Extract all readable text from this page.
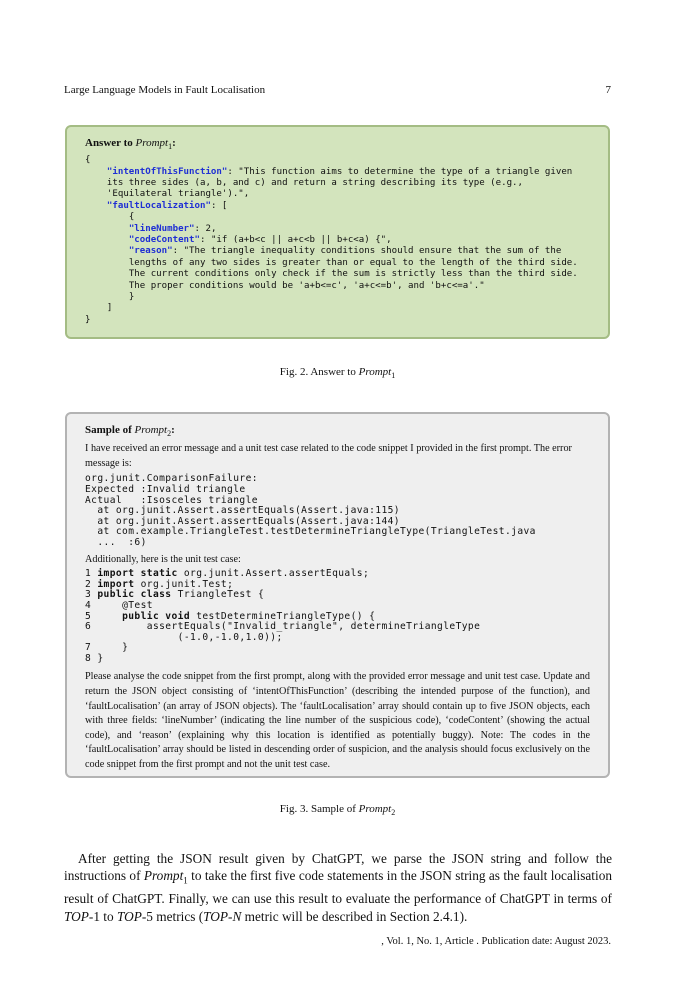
Large Language Models in Fault Localisation	7
Answer to Prompt$_1$:
{
"intentOfThisFunction": "This function aims to determine the type of a triangle given
its three sides (a, b, and c) and return a string describing its type (e.g.,
'Equilateral triangle').",
"faultLocalization": [
{
"lineNumber": 2,
"codeContent": "if (a+b<c || a+c<b || b+c<a) {",
"reason": "The triangle inequality conditions should ensure that the sum of the
lengths of any two sides is greater than or equal to the length of the third side.
The current conditions only check if the sum is strictly less than the third side.
The proper conditions would be 'a+b<=c', 'a+c<=b', and 'b+c<=a'."
}
]
}
Fig. 2. Answer to Prompt$_1$
Sample of Prompt$_2$:

I have received an error message and a unit test case related to the code snippet I provided in the first prompt. The error message is:

org.junit.ComparisonFailure:
Expected :Invalid triangle
Actual   :Isosceles triangle
at org.junit.Assert.assertEquals(Assert.java:115)
at org.junit.Assert.assertEquals(Assert.java:144)
at com.example.TriangleTest.testDetermineTriangleType(TriangleTest.java
...  :6)

Additionally, here is the unit test case:

1 import static org.junit.Assert.assertEquals;
2 import org.junit.Test;
3 public class TriangleTest {
4     @Test
5     public void testDetermineTriangleType() {
6         assertEquals("Invalid_triangle", determineTriangleType
(-1.0,-1.0,1.0));
7     }
8 }

Please analyse the code snippet from the first prompt, along with the provided error message and unit test case. Update and return the JSON object consisting of ‘intentOfThisFunction’ (describing the intended purpose of the function), and ‘faultLocalisation’ (an array of JSON objects). The ‘faultLocalisation’ array should contain up to five JSON objects, each with three fields: ‘lineNumber’ (indicating the line number of the suspicious code), ‘codeContent’ (showing the actual code), and ‘reason’ (explaining why this location is identified as potentially buggy). Note: The codes in the ‘faultLocalisation’ array should be listed in descending order of suspicion, and the analysis should focus exclusively on the code snippet from the first prompt and not the unit test case.

Fig. 3. Sample of Prompt$_2$
After getting the JSON result given by ChatGPT, we parse the JSON string and follow the instructions of Prompt$_1$ to take the first five code statements in the JSON string as the fault localisation result of ChatGPT. Finally, we can use this result to evaluate the performance of ChatGPT in terms of TOP-1 to TOP-5 metrics (TOP-N metric will be described in Section 2.4.1).
, Vol. 1, No. 1, Article . Publication date: August 2023.
